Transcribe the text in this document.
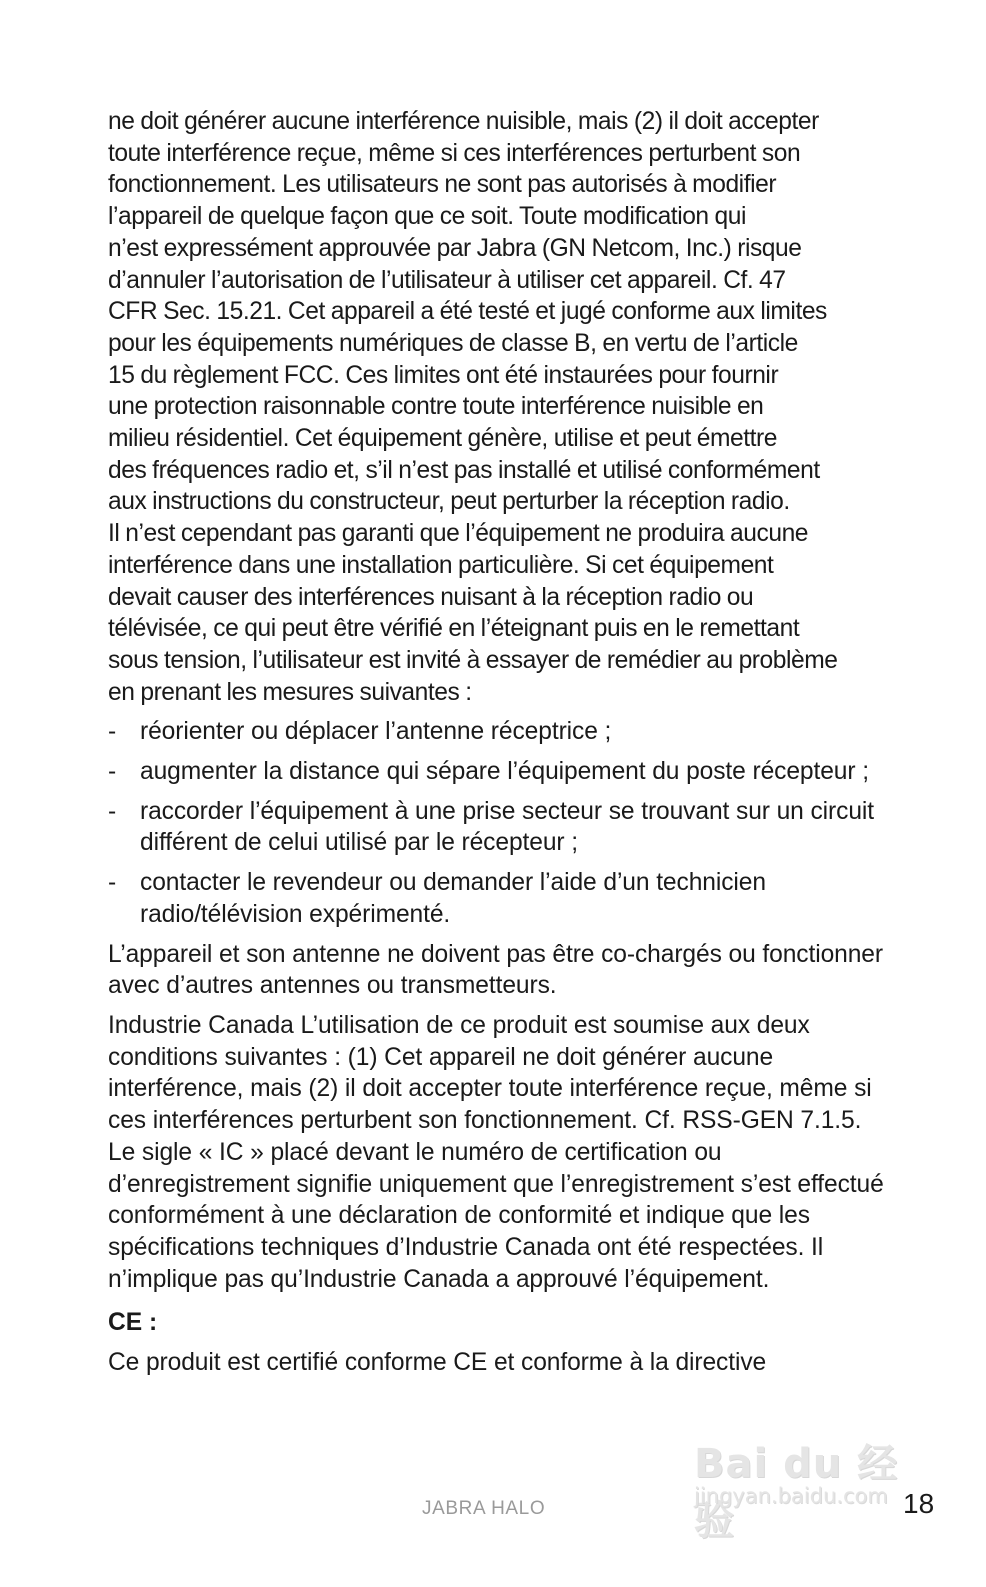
ne doit générer aucune interférence nuisible, mais (2) il doit accepter
toute interférence reçue, même si ces interférences perturbent son
fonctionnement. Les utilisateurs ne sont pas autorisés à modifier
l’appareil de quelque façon que ce soit. Toute modification qui
n’est expressément approuvée par Jabra (GN Netcom, Inc.) risque
d’annuler l’autorisation de l’utilisateur à utiliser cet appareil. Cf. 47
CFR Sec. 15.21. Cet appareil a été testé et jugé conforme aux limites
pour les équipements numériques de classe B, en vertu de l’article
15 du règlement FCC. Ces limites ont été instaurées pour fournir
une protection raisonnable contre toute interférence nuisible en
milieu résidentiel. Cet équipement génère, utilise et peut émettre
des fréquences radio et, s’il n’est pas installé et utilisé conformément
aux instructions du constructeur, peut perturber la réception radio.
Il n’est cependant pas garanti que l’équipement ne produira aucune
interférence dans une installation particulière. Si cet équipement
devait causer des interférences nuisant à la réception radio ou
télévisée, ce qui peut être vérifié en l’éteignant puis en le remettant
sous tension, l’utilisateur est invité à essayer de remédier au problème
en prenant les mesures suivantes :
- réorienter ou déplacer l’antenne réceptrice ;
- augmenter la distance qui sépare l’équipement du poste récepteur ;
- raccorder l’équipement à une prise secteur se trouvant sur un circuit différent de celui utilisé par le récepteur ;
- contacter le revendeur ou demander l’aide d’un technicien radio/télévision expérimenté.

L’appareil et son antenne ne doivent pas être co-chargés ou fonctionner avec d’autres antennes ou transmetteurs.

Industrie Canada L’utilisation de ce produit est soumise aux deux conditions suivantes : (1) Cet appareil ne doit générer aucune interférence, mais (2) il doit accepter toute interférence reçue, même si ces interférences perturbent son fonctionnement. Cf. RSS-GEN 7.1.5. Le sigle « IC » placé devant le numéro de certification ou d’enregistrement signifie uniquement que l’enregistrement s’est effectué conformément à une déclaration de conformité et indique que les spécifications techniques d’Industrie Canada ont été respectées. Il n’implique pas qu’Industrie Canada a approuvé l’équipement.

CE :

Ce produit est certifié conforme CE et conforme à la directive

JABRA HALO	18
Bai du 经验
jingyan.baidu.com
